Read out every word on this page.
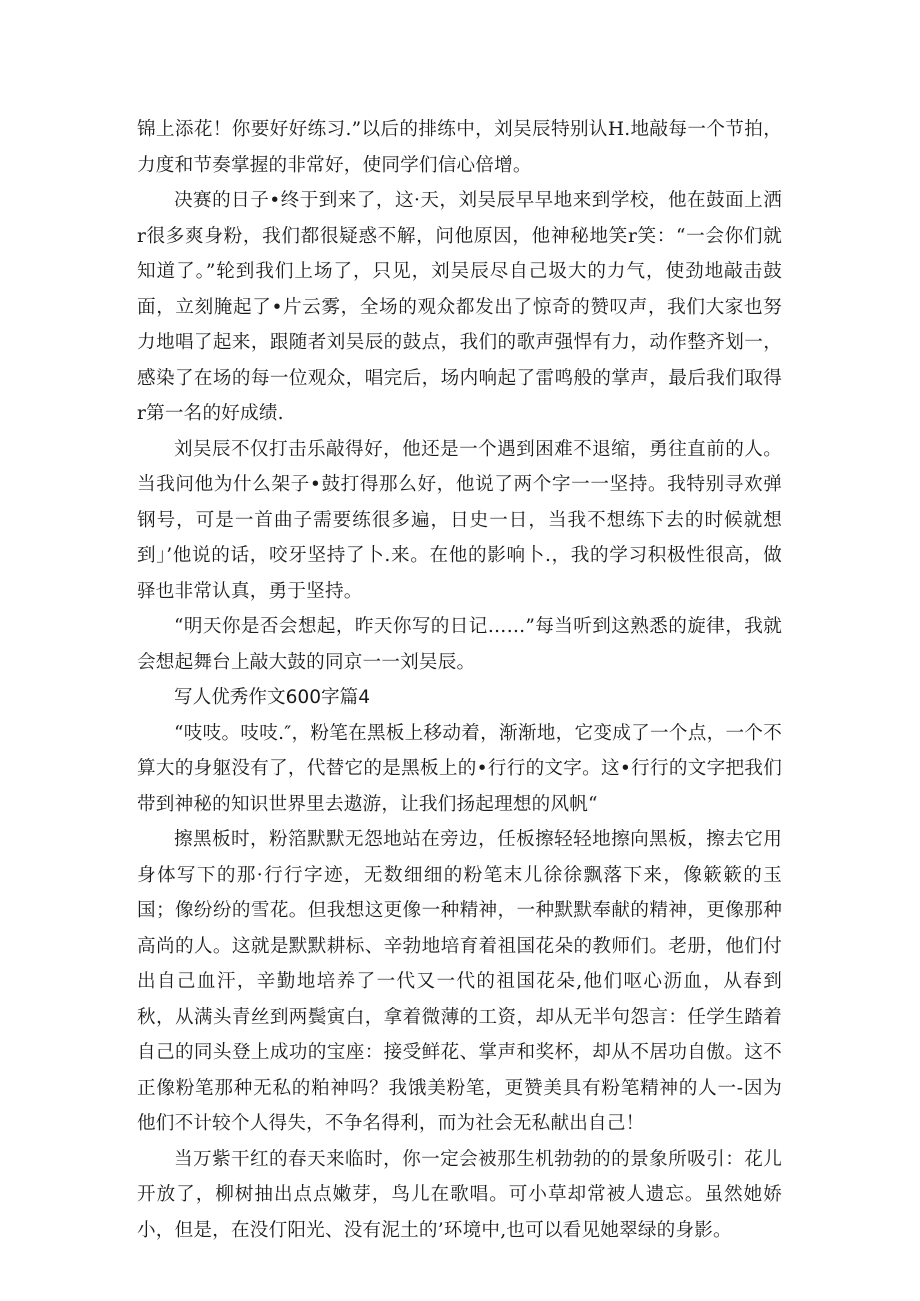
锦上添花！你要好好练习.”以后的排练中，刘吴辰特别认H.地敲每一个节拍，力度和节奏掌握的非常好，使同学们信心倍增。

决赛的日子•终于到来了，这·天，刘吴辰早早地来到学校，他在鼓面上洒r很多爽身粉，我们都很疑惑不解，问他原因，他神秘地笑r笑：“一会你们就知道了。”轮到我们上场了，只见，刘吴辰尽自己圾大的力气，使劲地敲击鼓面，立刻腌起了•片云雾，全场的观众都发出了惊奇的赞叹声，我们大家也努力地唱了起来，跟随者刘吴辰的鼓点，我们的歌声强悍有力，动作整齐划一，感染了在场的每一位观众，唱完后，场内响起了雷鸣般的掌声，最后我们取得r第一名的好成绩.

刘吴辰不仅打击乐敲得好，他还是一个遇到困难不退缩，勇往直前的人。当我问他为什么架子•鼓打得那么好，他说了两个字一一坚持。我特别寻欢弹钢号，可是一首曲子需要练很多遍，日史一日，当我不想练下去的时候就想到」’他说的话，咬牙坚持了卜.来。在他的影响卜.，我的学习积极性很高，做驿也非常认真，勇于坚持。

“明天你是否会想起，昨天你写的日记……”每当听到这熟悉的旋律，我就会想起舞台上敲大鼓的同京一一刘吴辰。

写人优秀作文600字篇4

“吱吱。吱吱.″，粉笔在黑板上移动着，渐渐地，它变成了一个点，一个不算大的身躯没有了，代替它的是黑板上的•行行的文字。这•行行的文字把我们带到神秘的知识世界里去遨游，让我们扬起理想的风帆“

擦黑板时，粉箔默默无怨地站在旁边，任板擦轻轻地擦向黑板，擦去它用身体写下的那·行行字迹，无数细细的粉笔末儿徐徐飘落下来，像簌簌的玉国；像纷纷的雪花。但我想这更像一种精神，一种默默奉献的精神，更像那种高尚的人。这就是默默耕标、辛勃地培育着祖国花朵的教师们。老册，他们付出自己血汗，辛勤地培养了一代又一代的祖国花朵,他们呕心沥血，从春到秋，从满头青丝到两鬓寅白，拿着微薄的工资，却从无半句怨言：任学生踏着自己的同头登上成功的宝座：接受鲜花、掌声和奖杯，却从不居功自傲。这不正像粉笔那种无私的粕神吗？我饿美粉笔，更赞美具有粉笔精神的人一-因为他们不计较个人得失，不争名得利，而为社会无私献出自己！

当万紫干红的春天来临时，你一定会被那生机勃勃的的景象所吸引：花儿开放了，柳树抽出点点嫩芽，鸟儿在歌唱。可小草却常被人遗忘。虽然她娇小，但是，在没仃阳光、没有泥土的’环境中,也可以看见她翠绿的身影。
